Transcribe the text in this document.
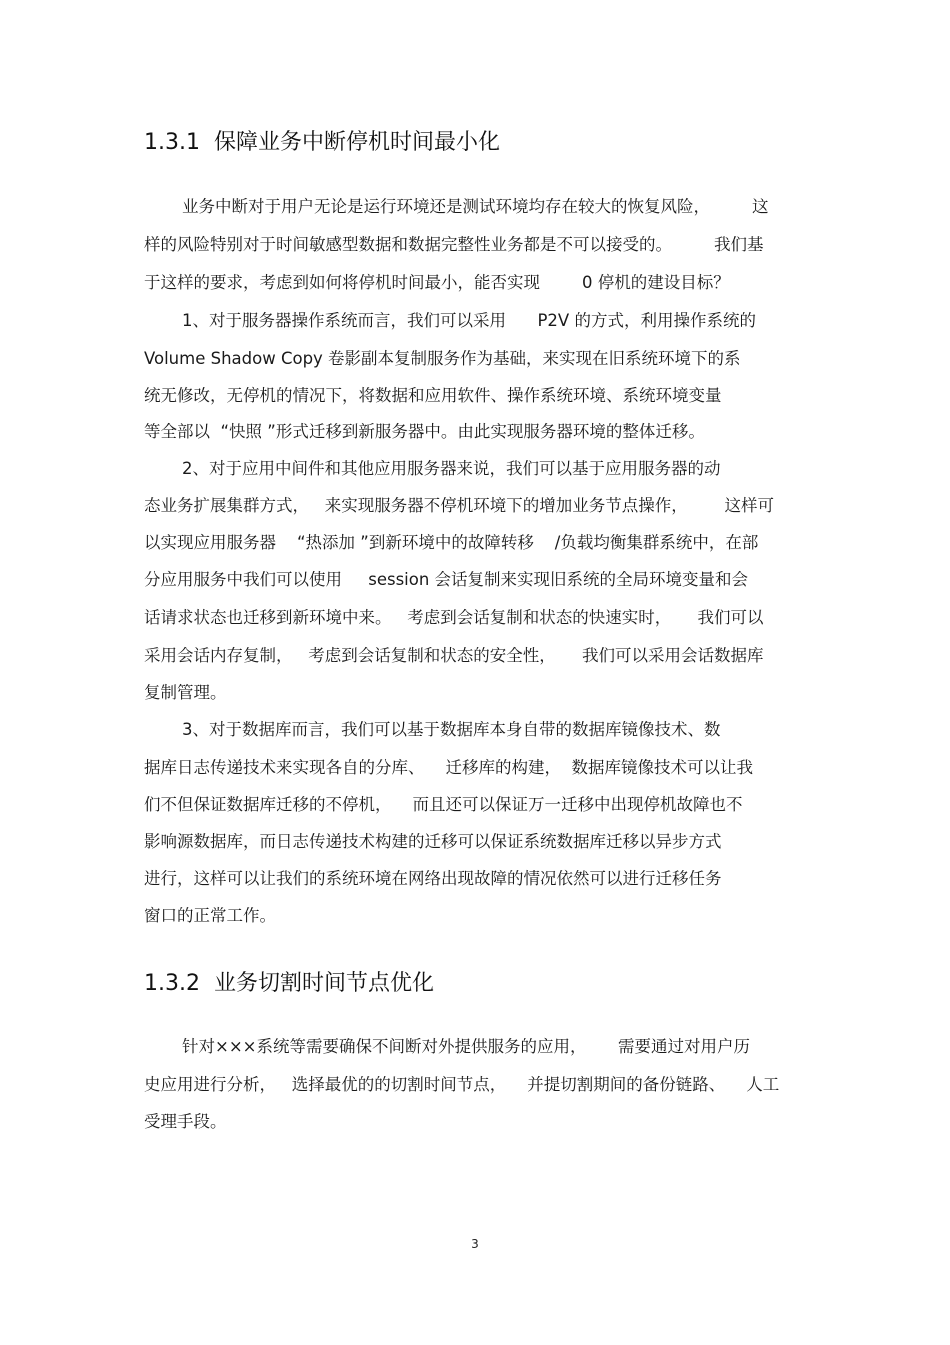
1.3.1 保障业务中断停机时间最小化
业务中断对于用户无论是运行环境还是测试环境均存在较大的恢复风险，        这
样的风险特别对于时间敏感型数据和数据完整性业务都是不可以接受的。        我们基
于这样的要求，考虑到如何将停机时间最小，能否实现        0 停机的建设目标？
1、对于服务器操作系统而言，我们可以采用      P2V 的方式，利用操作系统的
Volume Shadow Copy 卷影副本复制服务作为基础，来实现在旧系统环境下的系
统无修改，无停机的情况下，将数据和应用软件、操作系统环境、系统环境变量
等全部以  “快照 ”形式迁移到新服务器中。由此实现服务器环境的整体迁移。
2、对于应用中间件和其他应用服务器来说，我们可以基于应用服务器的动
态业务扩展集群方式，   来实现服务器不停机环境下的增加业务节点操作，       这样可
以实现应用服务器    “热添加 ”到新环境中的故障转移    /负载均衡集群系统中，在部
分应用服务中我们可以使用     session 会话复制来实现旧系统的全局环境变量和会
话请求状态也迁移到新环境中来。   考虑到会话复制和状态的快速实时，     我们可以
采用会话内存复制，   考虑到会话复制和状态的安全性，     我们可以采用会话数据库
复制管理。
3、对于数据库而言，我们可以基于数据库本身自带的数据库镜像技术、数
据库日志传递技术来实现各自的分库、    迁移库的构建，  数据库镜像技术可以让我
们不但保证数据库迁移的不停机，    而且还可以保证万一迁移中出现停机故障也不
影响源数据库，而日志传递技术构建的迁移可以保证系统数据库迁移以异步方式
进行，这样可以让我们的系统环境在网络出现故障的情况依然可以进行迁移任务
窗口的正常工作。
1.3.2 业务切割时间节点优化
针对×××系统等需要确保不间断对外提供服务的应用，      需要通过对用户历
史应用进行分析，   选择最优的的切割时间节点，    并提切割期间的备份链路、    人工
受理手段。
3
